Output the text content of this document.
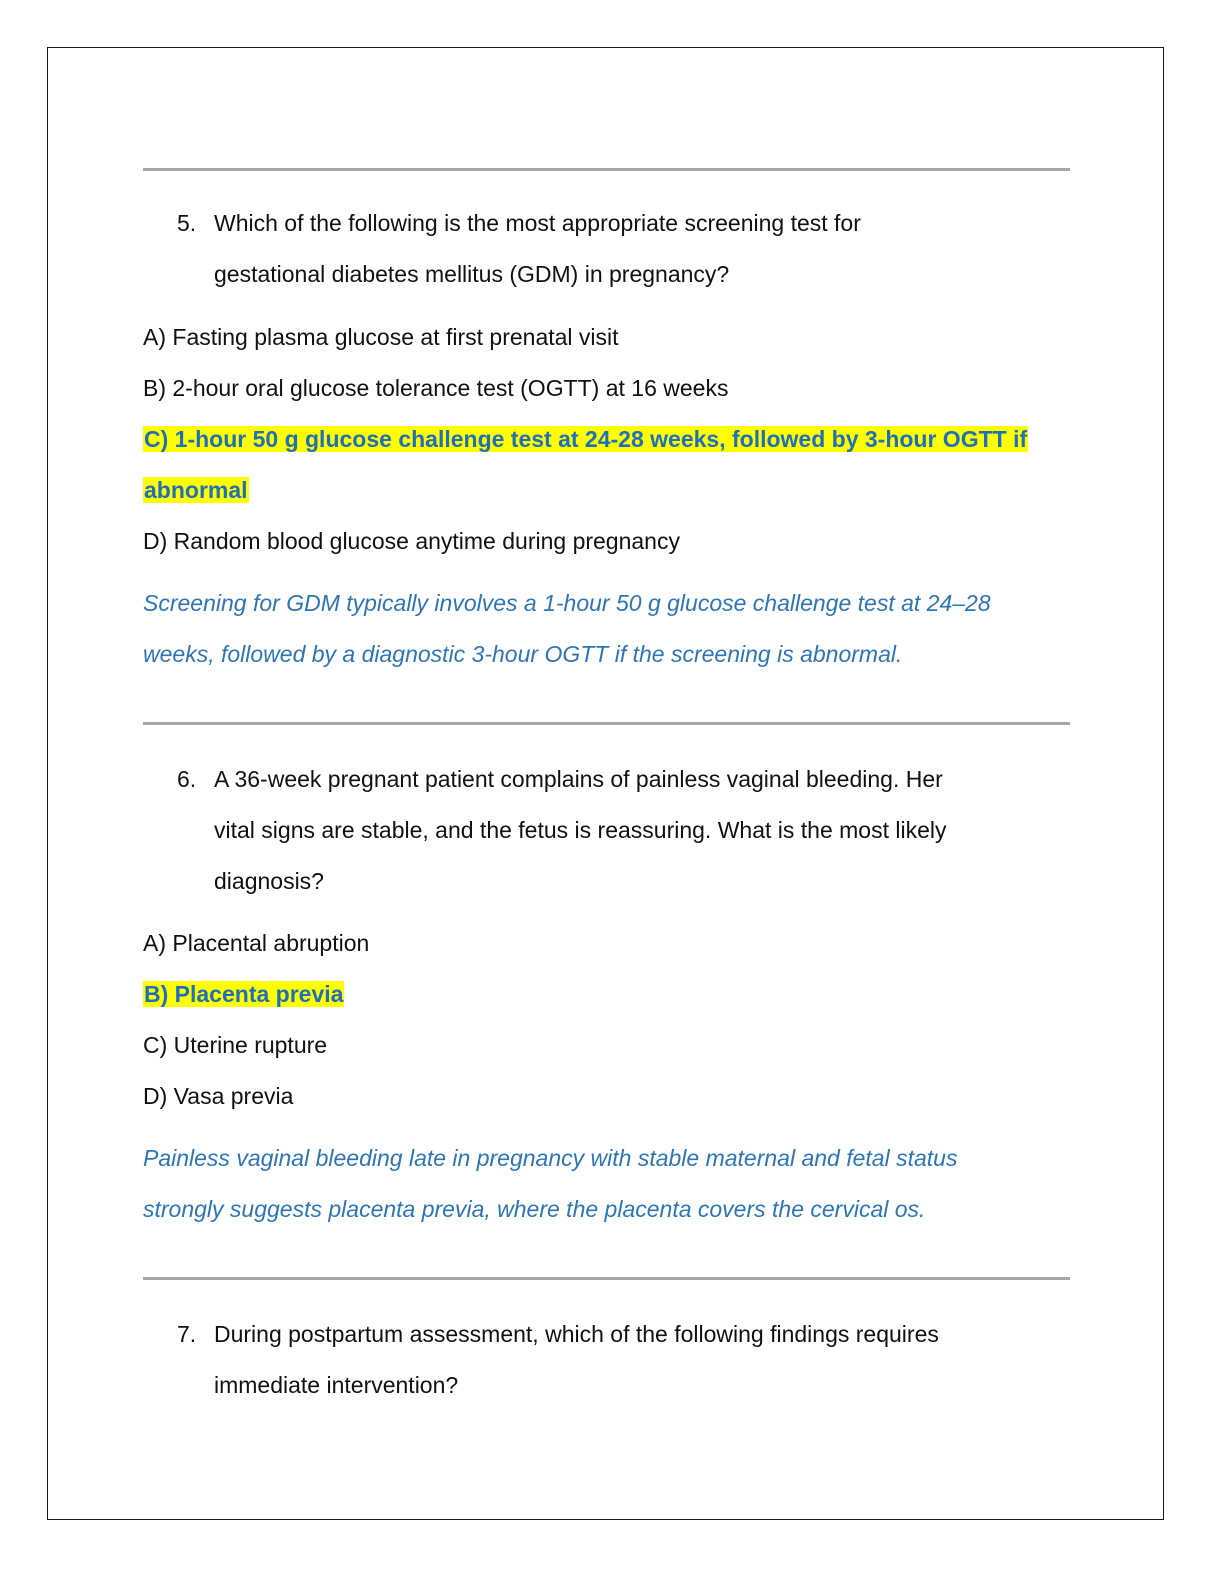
5. Which of the following is the most appropriate screening test for
gestational diabetes mellitus (GDM) in pregnancy?
A) Fasting plasma glucose at first prenatal visit
B) 2-hour oral glucose tolerance test (OGTT) at 16 weeks
C) 1-hour 50 g glucose challenge test at 24-28 weeks, followed by 3-hour OGTT if
abnormal
D) Random blood glucose anytime during pregnancy
Screening for GDM typically involves a 1-hour 50 g glucose challenge test at 24–28
weeks, followed by a diagnostic 3-hour OGTT if the screening is abnormal.
6. A 36-week pregnant patient complains of painless vaginal bleeding. Her
vital signs are stable, and the fetus is reassuring. What is the most likely
diagnosis?
A) Placental abruption
B) Placenta previa
C) Uterine rupture
D) Vasa previa
Painless vaginal bleeding late in pregnancy with stable maternal and fetal status
strongly suggests placenta previa, where the placenta covers the cervical os.
7. During postpartum assessment, which of the following findings requires
immediate intervention?
